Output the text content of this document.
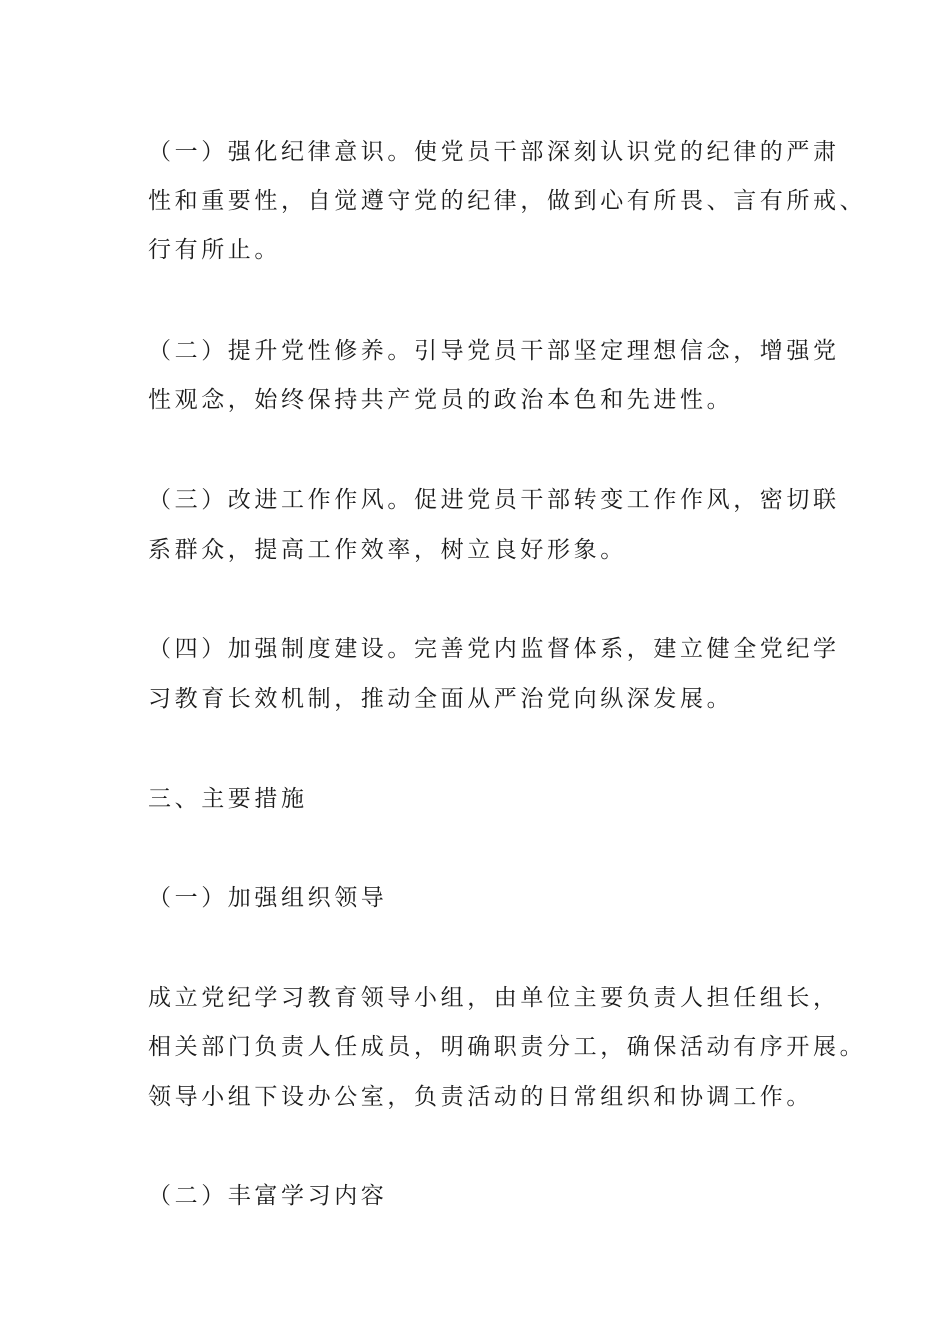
（一）强化纪律意识。使党员干部深刻认识党的纪律的严肃
性和重要性，自觉遵守党的纪律，做到心有所畏、言有所戒、
行有所止。
（二）提升党性修养。引导党员干部坚定理想信念，增强党
性观念，始终保持共产党员的政治本色和先进性。
（三）改进工作作风。促进党员干部转变工作作风，密切联
系群众，提高工作效率，树立良好形象。
（四）加强制度建设。完善党内监督体系，建立健全党纪学
习教育长效机制，推动全面从严治党向纵深发展。
三、主要措施
（一）加强组织领导
成立党纪学习教育领导小组，由单位主要负责人担任组长，
相关部门负责人任成员，明确职责分工，确保活动有序开展。
领导小组下设办公室，负责活动的日常组织和协调工作。
（二）丰富学习内容
